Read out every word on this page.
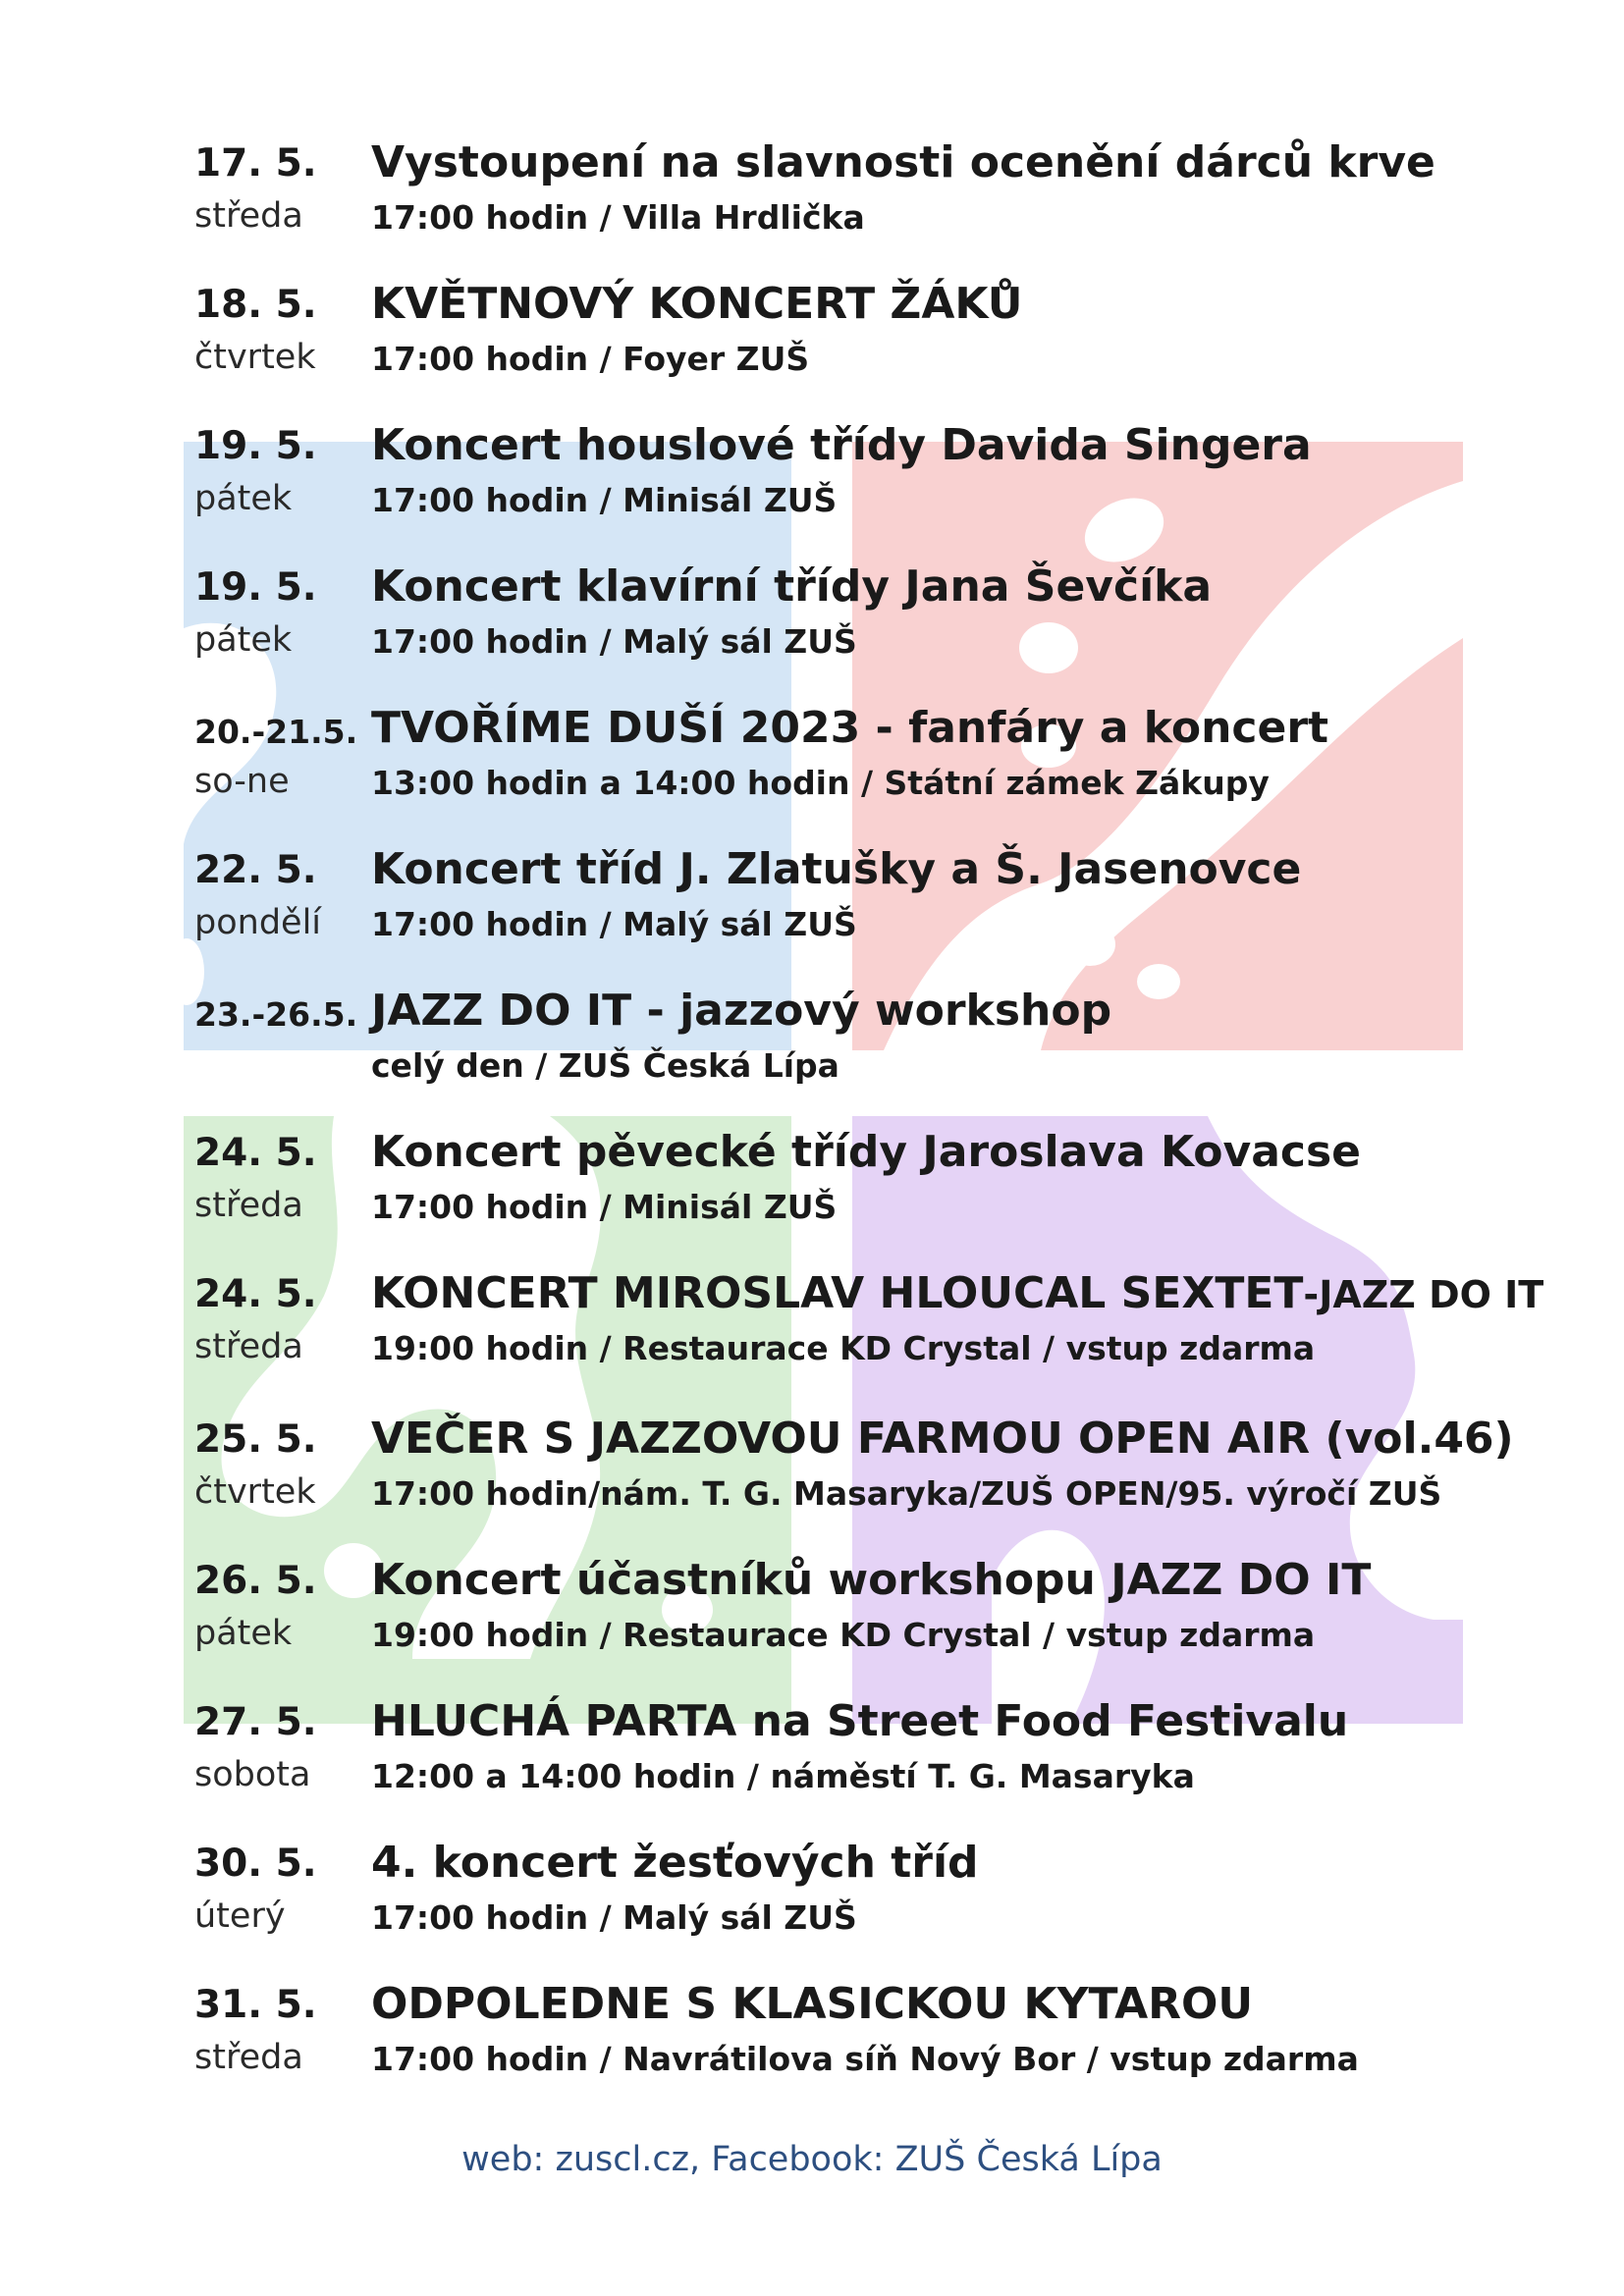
17. 5.
středa
Vystoupení na slavnosti ocenění dárců krve
17:00 hodin / Villa Hrdlička
18. 5.
čtvrtek
KVĚTNOVÝ KONCERT ŽÁKŮ
17:00 hodin / Foyer ZUŠ
19. 5.
pátek
Koncert houslové třídy Davida Singera
17:00 hodin / Minisál ZUŠ
19. 5.
pátek
Koncert klavírní třídy Jana Ševčíka
17:00 hodin / Malý sál ZUŠ
20.-21.5.
so-ne
TVOŘÍME DUŠÍ 2023 - fanfáry a koncert
13:00 hodin a 14:00 hodin / Státní zámek Zákupy
22. 5.
pondělí
Koncert tříd J. Zlatušky a Š. Jasenovce
17:00 hodin / Malý sál ZUŠ
23.-26.5. JAZZ DO IT - jazzový workshop
celý den / ZUŠ Česká Lípa
24. 5.
středa
Koncert pěvecké třídy Jaroslava Kovacse
17:00 hodin / Minisál ZUŠ
24. 5.
středa
KONCERT MIROSLAV HLOUCAL SEXTET-JAZZ DO IT
19:00 hodin / Restaurace KD Crystal / vstup zdarma
25. 5.
čtvrtek
VEČER S JAZZOVOU FARMOU OPEN AIR (vol.46)
17:00 hodin/nám. T. G. Masaryka/ZUŠ OPEN/95. výročí ZUŠ
26. 5.
pátek
Koncert účastníků workshopu JAZZ DO IT
19:00 hodin / Restaurace KD Crystal / vstup zdarma
27. 5.
sobota
HLUCHÁ PARTA na Street Food Festivalu
12:00 a 14:00 hodin / náměstí T. G. Masaryka
30. 5.
úterý
4. koncert žesťových tříd
17:00 hodin / Malý sál ZUŠ
31. 5.
středa
ODPOLEDNE S KLASICKOU KYTAROU
17:00 hodin / Navrátilova síň Nový Bor / vstup zdarma
web: zuscl.cz, Facebook: ZUŠ Česká Lípa
